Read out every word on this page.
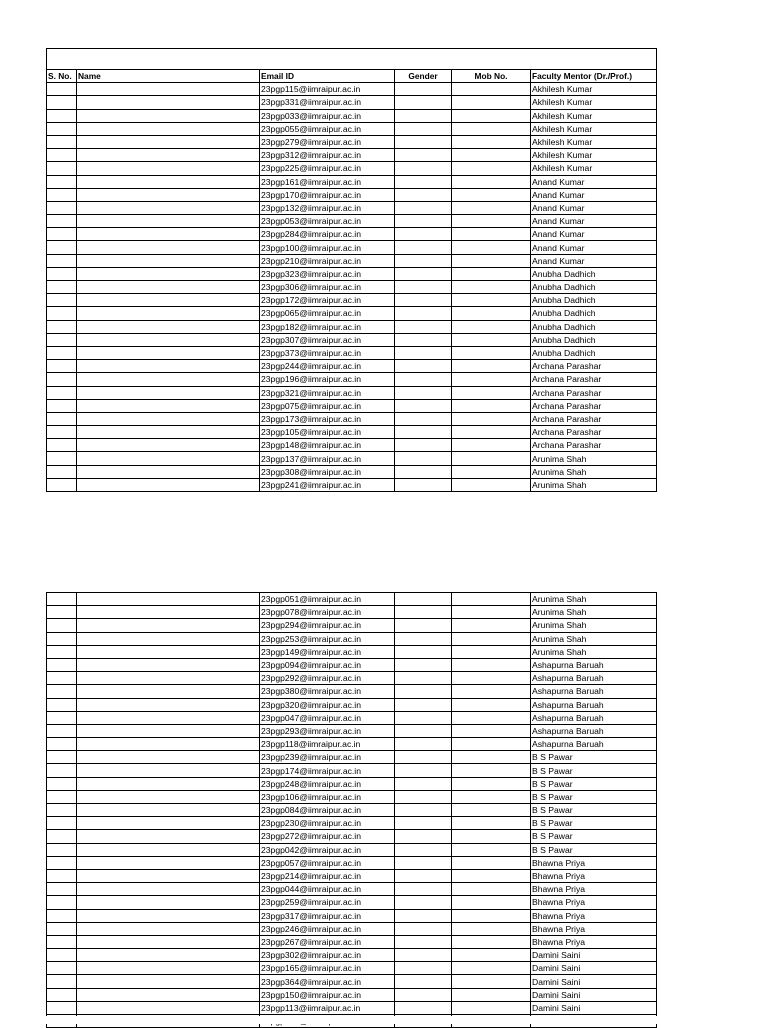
S. No.	Name	Email ID	Gender	Mob No.	Faculty Mentor (Dr./Prof.)
		23pgp115@iimraipur.ac.in			Akhilesh Kumar
		23pgp331@iimraipur.ac.in			Akhilesh Kumar
		23pgp033@iimraipur.ac.in			Akhilesh Kumar
		23pgp055@iimraipur.ac.in			Akhilesh Kumar
		23pgp279@iimraipur.ac.in			Akhilesh Kumar
		23pgp312@iimraipur.ac.in			Akhilesh Kumar
		23pgp225@iimraipur.ac.in			Akhilesh Kumar
		23pgp161@iimraipur.ac.in			Anand Kumar
		23pgp170@iimraipur.ac.in			Anand Kumar
		23pgp132@iimraipur.ac.in			Anand Kumar
		23pgp053@iimraipur.ac.in			Anand Kumar
		23pgp284@iimraipur.ac.in			Anand Kumar
		23pgp100@iimraipur.ac.in			Anand Kumar
		23pgp210@iimraipur.ac.in			Anand Kumar
		23pgp323@iimraipur.ac.in			Anubha Dadhich
		23pgp306@iimraipur.ac.in			Anubha Dadhich
		23pgp172@iimraipur.ac.in			Anubha Dadhich
		23pgp065@iimraipur.ac.in			Anubha Dadhich
		23pgp182@iimraipur.ac.in			Anubha Dadhich
		23pgp307@iimraipur.ac.in			Anubha Dadhich
		23pgp373@iimraipur.ac.in			Anubha Dadhich
		23pgp244@iimraipur.ac.in			Archana Parashar
		23pgp196@iimraipur.ac.in			Archana Parashar
		23pgp321@iimraipur.ac.in			Archana Parashar
		23pgp075@iimraipur.ac.in			Archana Parashar
		23pgp173@iimraipur.ac.in			Archana Parashar
		23pgp105@iimraipur.ac.in			Archana Parashar
		23pgp148@iimraipur.ac.in			Archana Parashar
		23pgp137@iimraipur.ac.in			Arunima Shah
		23pgp308@iimraipur.ac.in			Arunima Shah
		23pgp241@iimraipur.ac.in			Arunima Shah
		23pgp051@iimraipur.ac.in			Arunima Shah
		23pgp078@iimraipur.ac.in			Arunima Shah
		23pgp294@iimraipur.ac.in			Arunima Shah
		23pgp253@iimraipur.ac.in			Arunima Shah
		23pgp149@iimraipur.ac.in			Arunima Shah
		23pgp094@iimraipur.ac.in			Ashapurna Baruah
		23pgp292@iimraipur.ac.in			Ashapurna Baruah
		23pgp380@iimraipur.ac.in			Ashapurna Baruah
		23pgp320@iimraipur.ac.in			Ashapurna Baruah
		23pgp047@iimraipur.ac.in			Ashapurna Baruah
		23pgp293@iimraipur.ac.in			Ashapurna Baruah
		23pgp118@iimraipur.ac.in			Ashapurna Baruah
		23pgp239@iimraipur.ac.in			B S Pawar
		23pgp174@iimraipur.ac.in			B S Pawar
		23pgp248@iimraipur.ac.in			B S Pawar
		23pgp106@iimraipur.ac.in			B S Pawar
		23pgp084@iimraipur.ac.in			B S Pawar
		23pgp230@iimraipur.ac.in			B S Pawar
		23pgp272@iimraipur.ac.in			B S Pawar
		23pgp042@iimraipur.ac.in			B S Pawar
		23pgp057@iimraipur.ac.in			Bhawna Priya
		23pgp214@iimraipur.ac.in			Bhawna Priya
		23pgp044@iimraipur.ac.in			Bhawna Priya
		23pgp259@iimraipur.ac.in			Bhawna Priya
		23pgp317@iimraipur.ac.in			Bhawna Priya
		23pgp246@iimraipur.ac.in			Bhawna Priya
		23pgp267@iimraipur.ac.in			Bhawna Priya
		23pgp302@iimraipur.ac.in			Damini Saini
		23pgp165@iimraipur.ac.in			Damini Saini
		23pgp364@iimraipur.ac.in			Damini Saini
		23pgp150@iimraipur.ac.in			Damini Saini
		23pgp113@iimraipur.ac.in			Damini Saini
